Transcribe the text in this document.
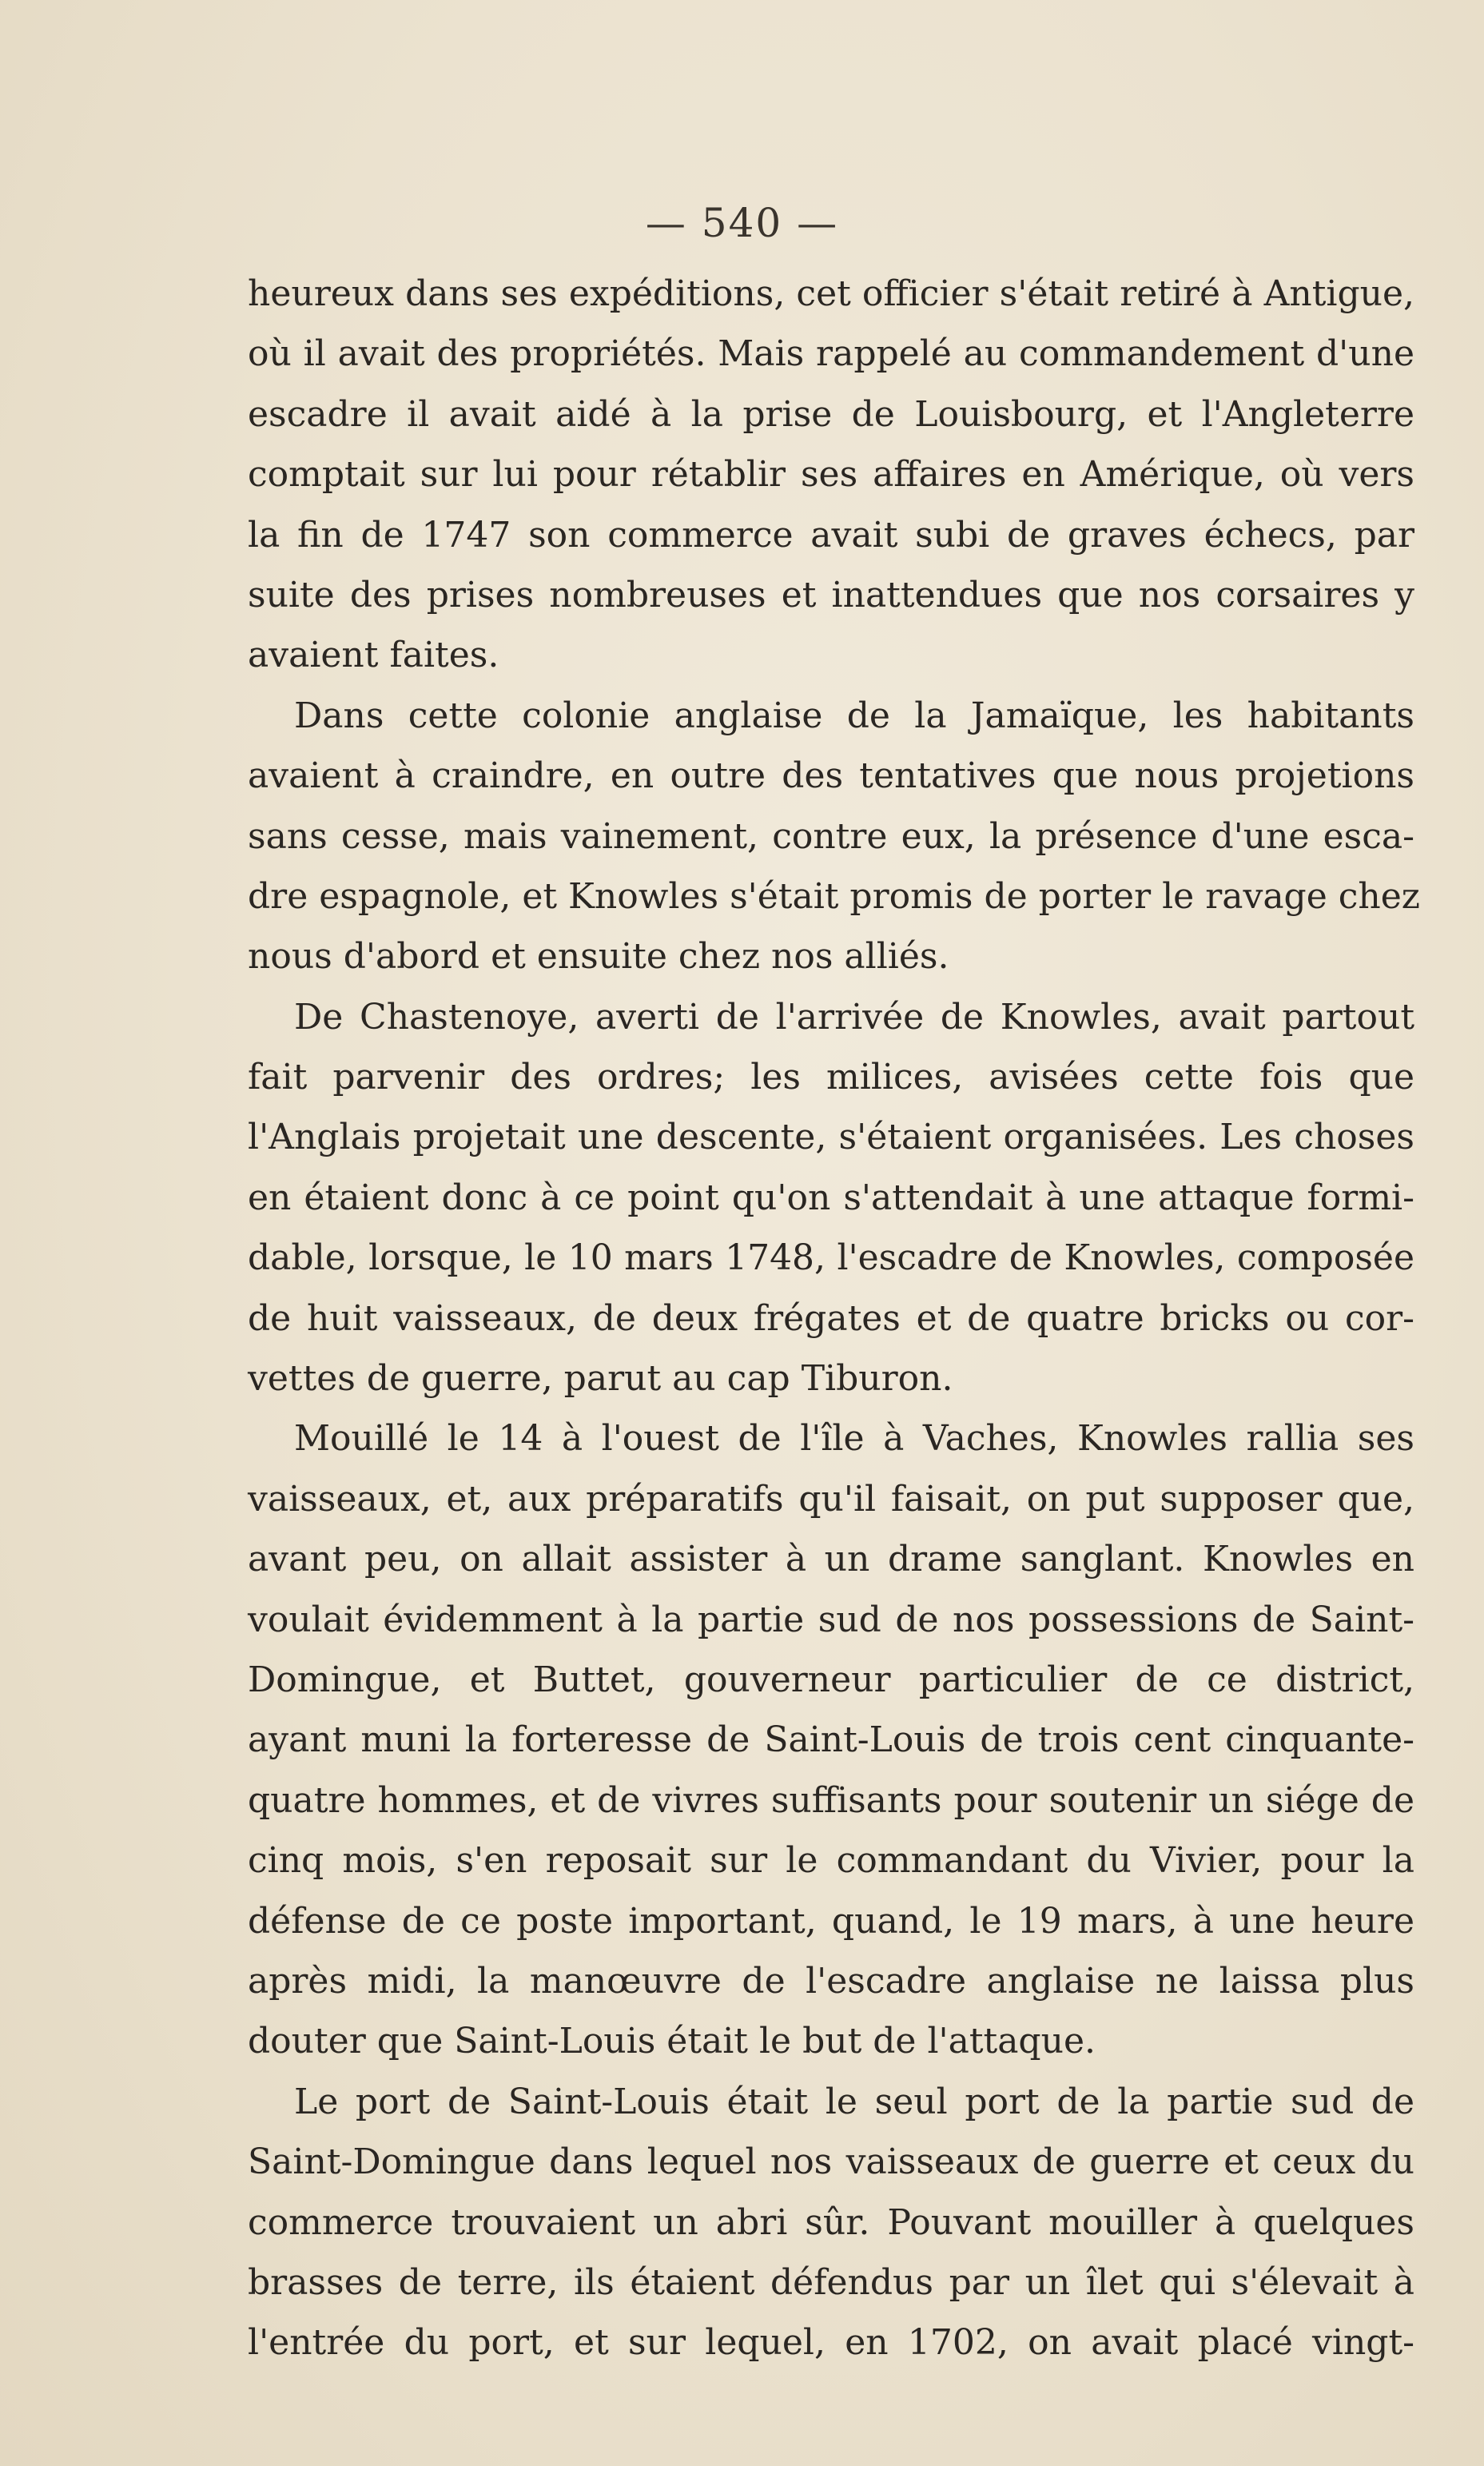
— 540 —
heureux dans ses expéditions, cet officier s'était retiré à Antigue,
où il avait des propriétés. Mais rappelé au commandement d'une
escadre il avait aidé à la prise de Louisbourg, et l'Angleterre
comptait sur lui pour rétablir ses affaires en Amérique, où vers
la fin de 1747 son commerce avait subi de graves échecs, par
suite des prises nombreuses et inattendues que nos corsaires y
avaient faites.
Dans cette colonie anglaise de la Jamaïque, les habitants
avaient à craindre, en outre des tentatives que nous projetions
sans cesse, mais vainement, contre eux, la présence d'une esca-
dre espagnole, et Knowles s'était promis de porter le ravage chez
nous d'abord et ensuite chez nos alliés.
De Chastenoye, averti de l'arrivée de Knowles, avait partout
fait parvenir des ordres; les milices, avisées cette fois que
l'Anglais projetait une descente, s'étaient organisées. Les choses
en étaient donc à ce point qu'on s'attendait à une attaque formi-
dable, lorsque, le 10 mars 1748, l'escadre de Knowles, composée
de huit vaisseaux, de deux frégates et de quatre bricks ou cor-
vettes de guerre, parut au cap Tiburon.
Mouillé le 14 à l'ouest de l'île à Vaches, Knowles rallia ses
vaisseaux, et, aux préparatifs qu'il faisait, on put supposer que,
avant peu, on allait assister à un drame sanglant. Knowles en
voulait évidemment à la partie sud de nos possessions de Saint-
Domingue, et Buttet, gouverneur particulier de ce district,
ayant muni la forteresse de Saint-Louis de trois cent cinquante-
quatre hommes, et de vivres suffisants pour soutenir un siége de
cinq mois, s'en reposait sur le commandant du Vivier, pour la
défense de ce poste important, quand, le 19 mars, à une heure
après midi, la manœuvre de l'escadre anglaise ne laissa plus
douter que Saint-Louis était le but de l'attaque.
Le port de Saint-Louis était le seul port de la partie sud de
Saint-Domingue dans lequel nos vaisseaux de guerre et ceux du
commerce trouvaient un abri sûr. Pouvant mouiller à quelques
brasses de terre, ils étaient défendus par un îlet qui s'élevait à
l'entrée du port, et sur lequel, en 1702, on avait placé vingt-
